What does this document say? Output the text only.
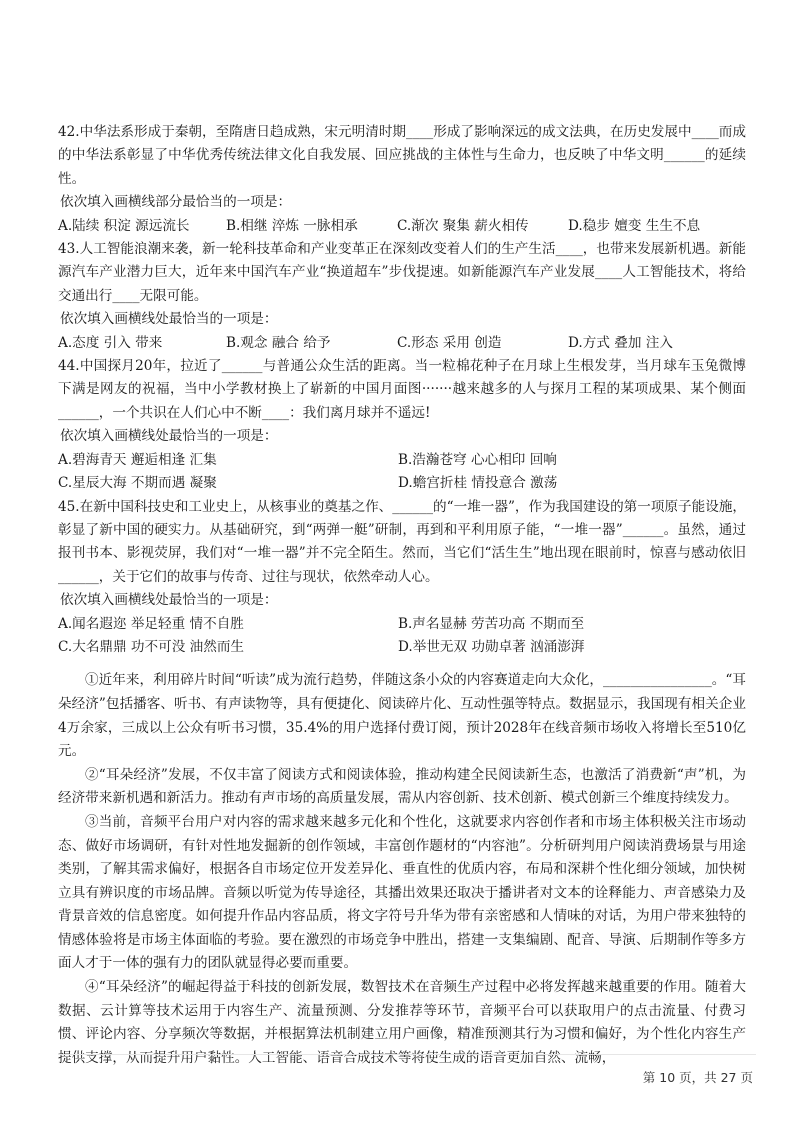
42.中华法系形成于秦朝，至隋唐日趋成熟，宋元明清时期____形成了影响深远的成文法典，在历史发展中____而成的中华法系彰显了中华优秀传统法律文化自我发展、回应挑战的主体性与生命力，也反映了中华文明______的延续性。
依次填入画横线部分最恰当的一项是：
A.陆续 积淀 源远流长	B.相继 淬炼 一脉相承	C.渐次 聚集 薪火相传	D.稳步 嬗变 生生不息
43.人工智能浪潮来袭，新一轮科技革命和产业变革正在深刻改变着人们的生产生活____，也带来发展新机遇。新能源汽车产业潜力巨大，近年来中国汽车产业“换道超车”步伐提速。如新能源汽车产业发展____人工智能技术，将给交通出行____无限可能。
依次填入画横线处最恰当的一项是：
A.态度 引入 带来	B.观念 融合 给予	C.形态 采用 创造	D.方式 叠加 注入
44.中国探月20年，拉近了______与普通公众生活的距离。当一粒棉花种子在月球上生根发芽，当月球车玉兔微博下满是网友的祝福，当中小学教材换上了崭新的中国月面图·······越来越多的人与探月工程的某项成果、某个侧面______，一个共识在人们心中不断____：我们离月球并不遥远!
依次填入画横线处最恰当的一项是：
A.碧海青天 邂逅相逢 汇集	B.浩瀚苍穹 心心相印 回响
C.星辰大海 不期而遇 凝聚	D.蟾宫折桂 情投意合 激荡
45.在新中国科技史和工业史上，从核事业的奠基之作、______的“一堆一器”，作为我国建设的第一项原子能设施，彰显了新中国的硬实力。从基础研究，到“两弹一艇”研制，再到和平利用原子能，“一堆一器”______。虽然，通过报刊书本、影视荧屏，我们对“一堆一器”并不完全陌生。然而，当它们“活生生”地出现在眼前时，惊喜与感动依旧______，关于它们的故事与传奇、过往与现状，依然牵动人心。
依次填入画横线处最恰当的一项是：
A.闻名遐迩 举足轻重 情不自胜	B.声名显赫 劳苦功高 不期而至
C.大名鼎鼎 功不可没 油然而生	D.举世无双 功勋卓著 汹涌澎湃

①近年来，利用碎片时间“听读”成为流行趋势，伴随这条小众的内容赛道走向大众化，________________。“耳朵经济”包括播客、听书、有声读物等，具有便捷化、阅读碎片化、互动性强等特点。数据显示，我国现有相关企业4万余家，三成以上公众有听书习惯，35.4%的用户选择付费订阅，预计2028年在线音频市场收入将增长至510亿元。

②“耳朵经济”发展，不仅丰富了阅读方式和阅读体验，推动构建全民阅读新生态，也激活了消费新“声”机，为经济带来新机遇和新活力。推动有声市场的高质量发展，需从内容创新、技术创新、模式创新三个维度持续发力。

③当前，音频平台用户对内容的需求越来越多元化和个性化，这就要求内容创作者和市场主体积极关注市场动态、做好市场调研，有针对性地发掘新的创作领域，丰富创作题材的“内容池”。分析研判用户阅读消费场景与用途类别，了解其需求偏好，根据各自市场定位开发差异化、垂直性的优质内容，布局和深耕个性化细分领域，加快树立具有辨识度的市场品牌。音频以听觉为传导途径，其播出效果还取决于播讲者对文本的诠释能力、声音感染力及背景音效的信息密度。如何提升作品内容品质，将文字符号升华为带有亲密感和人情味的对话，为用户带来独特的情感体验将是市场主体面临的考验。要在激烈的市场竞争中胜出，搭建一支集编剧、配音、导演、后期制作等多方面人才于一体的强有力的团队就显得必要而重要。

④“耳朵经济”的崛起得益于科技的创新发展，数智技术在音频生产过程中必将发挥越来越重要的作用。随着大数据、云计算等技术运用于内容生产、流量预测、分发推荐等环节，音频平台可以获取用户的点击流量、付费习惯、评论内容、分享频次等数据，并根据算法机制建立用户画像，精准预测其行为习惯和偏好，为个性化内容生产提供支撑，从而提升用户黏性。人工智能、语音合成技术等将使生成的语音更加自然、流畅，

第 10 页，共 27 页
